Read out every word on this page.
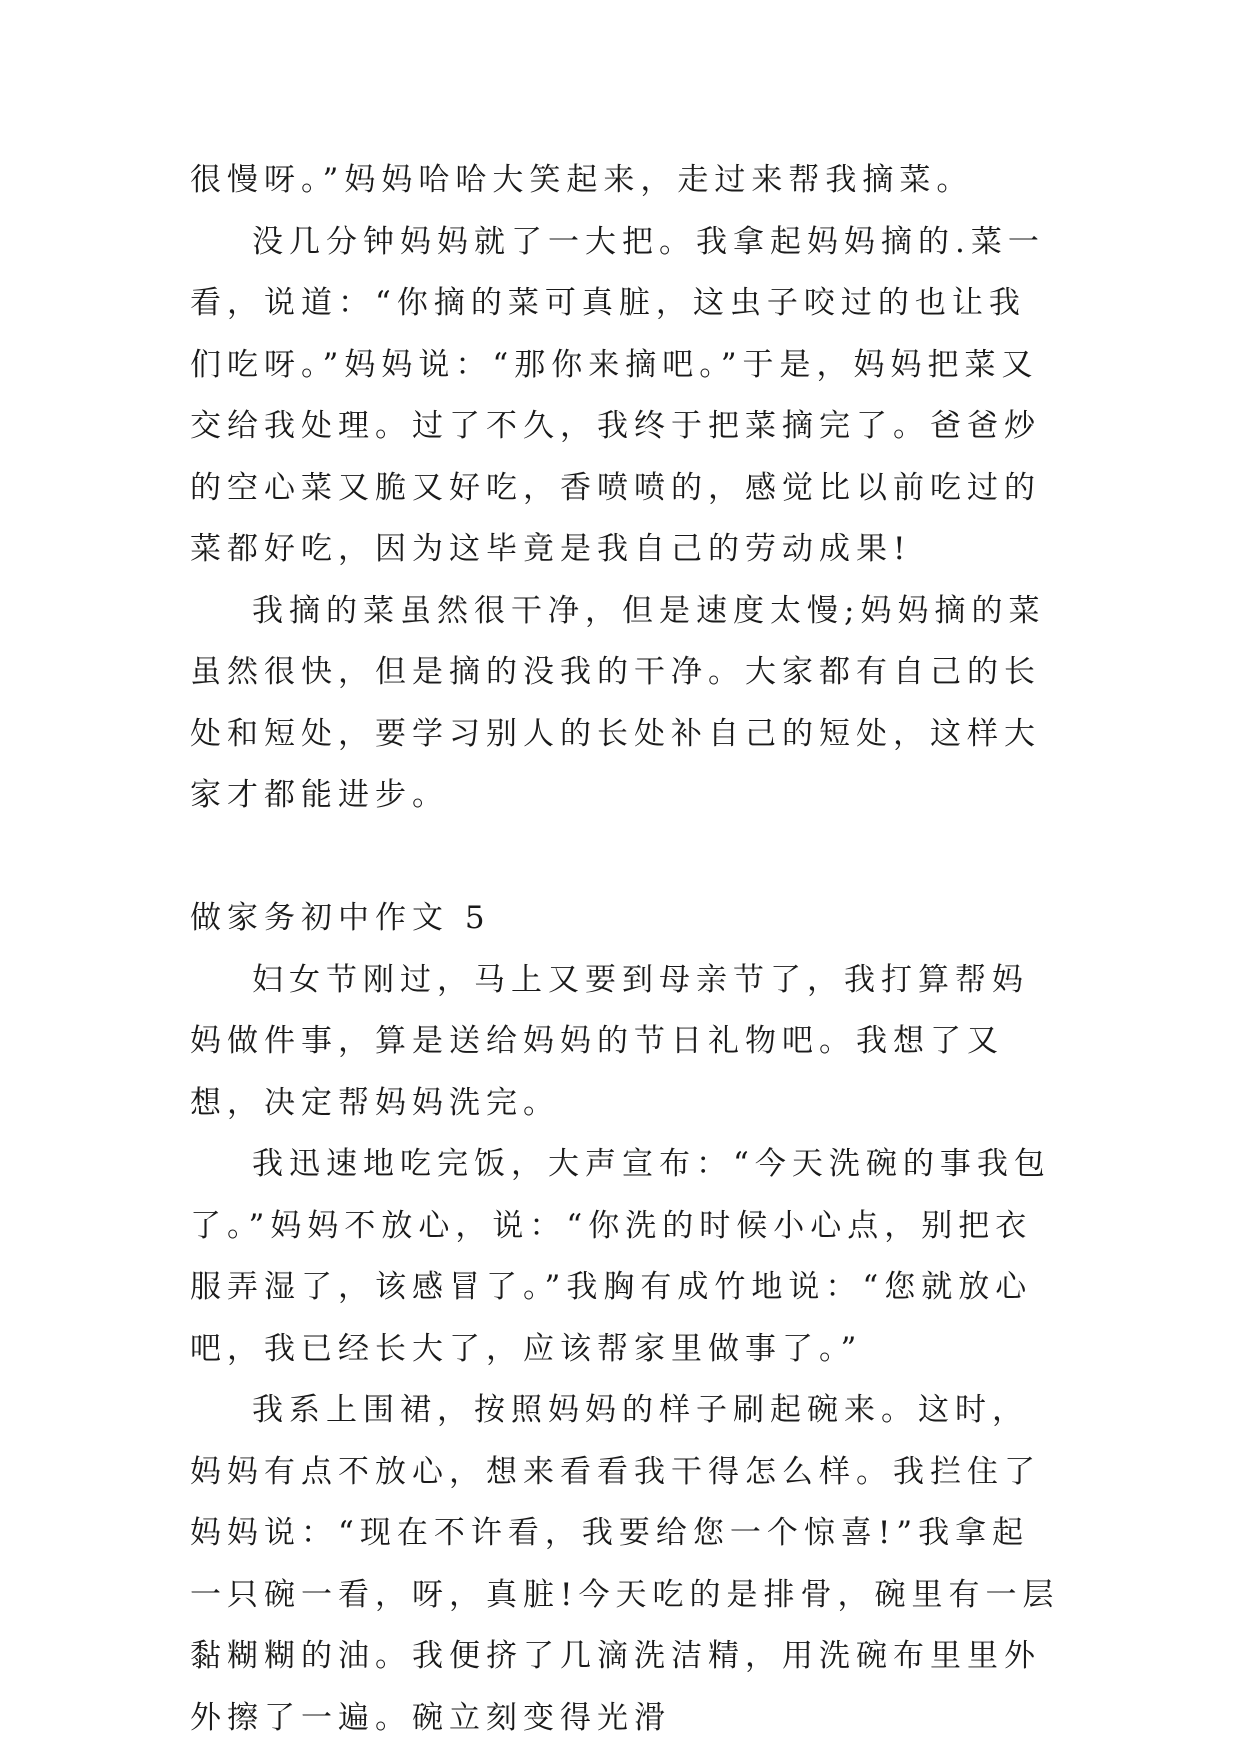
很慢呀。”妈妈哈哈大笑起来，走过来帮我摘菜。

没几分钟妈妈就了一大把。我拿起妈妈摘的.菜一看，说道：“你摘的菜可真脏，这虫子咬过的也让我们吃呀。”妈妈说：“那你来摘吧。”于是，妈妈把菜又交给我处理。过了不久，我终于把菜摘完了。爸爸炒的空心菜又脆又好吃，香喷喷的，感觉比以前吃过的菜都好吃，因为这毕竟是我自己的劳动成果!

我摘的菜虽然很干净，但是速度太慢;妈妈摘的菜虽然很快，但是摘的没我的干净。大家都有自己的长处和短处，要学习别人的长处补自己的短处，这样大家才都能进步。

做家务初中作文 5

妇女节刚过，马上又要到母亲节了，我打算帮妈妈做件事，算是送给妈妈的节日礼物吧。我想了又想，决定帮妈妈洗完。

我迅速地吃完饭，大声宣布：“今天洗碗的事我包了。”妈妈不放心，说：“你洗的时候小心点，别把衣服弄湿了，该感冒了。”我胸有成竹地说：“您就放心吧，我已经长大了，应该帮家里做事了。”

我系上围裙，按照妈妈的样子刷起碗来。这时，妈妈有点不放心，想来看看我干得怎么样。我拦住了妈妈说：“现在不许看，我要给您一个惊喜!”我拿起一只碗一看，呀，真脏!今天吃的是排骨，碗里有一层黏糊糊的油。我便挤了几滴洗洁精，用洗碗布里里外外擦了一遍。碗立刻变得光滑
